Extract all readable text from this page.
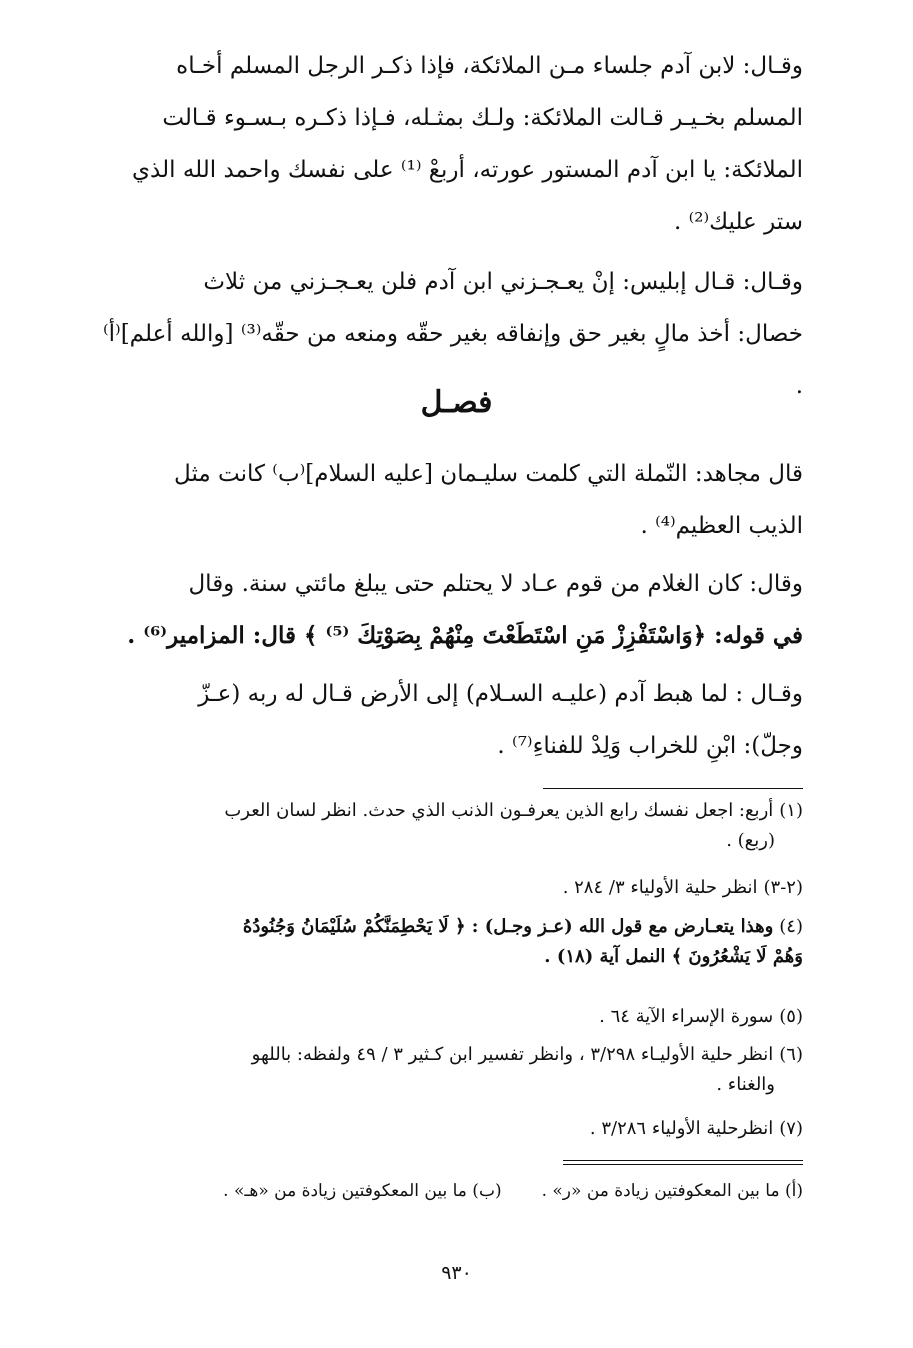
وقـال: لابن آدم جلساء مـن الملائكة، فإذا ذكـر الرجل المسلم أخـاه
المسلم بخـيـر قـالت الملائكة: ولـك بمثـله، فـإذا ذكـره بـسـوء قـالت
الملائكة: يا ابن آدم المستور عورته، أربعْ ⁽¹⁾ على نفسك واحمد الله الذي
ستر عليك⁽²⁾ .

وقـال: قـال إبليس: إنْ يعـجـزني ابن آدم فلن يعـجـزني من ثلاث
خصال: أخذ مالٍ بغير حق وإنفاقه بغير حقّه ومنعه من حقّه⁽³⁾ [والله أعلم]⁽أ⁾ .

فصـل

قال مجاهد: النّملة التي كلمت سليـمان [عليه السلام]⁽ب⁾ كانت مثل
الذيب العظيم⁽⁴⁾ .

وقال: كان الغلام من قوم عـاد لا يحتلم حتى يبلغ مائتي سنة. وقال
في قوله: ﴿وَاسْتَفْزِزْ مَنِ اسْتَطَعْتَ مِنْهُمْ بِصَوْتِكَ ⁽⁵⁾ ﴾ قال: المزامير⁽⁶⁾ .

وقـال : لما هبط آدم (عليـه السـلام) إلى الأرض قـال له ربه (عـزّ
وجلّ): ابْنِ للخراب وَلِدْ للفناءِ⁽⁷⁾ .

(١)أربع: اجعل نفسك رابع الذين يعرفـون الذنب الذي حدث. انظر لسان العرب
(ربع) .

(٢-٣)انظر حلية الأولياء ٣/ ٢٨٤ .

(٤)وهذا يتعـارض مع قول الله (عـز وجـل) : ﴿ لَا يَحْطِمَنَّكُمْ سُلَيْمَانُ وَجُنُودُهُ
وَهُمْ لَا يَشْعُرُونَ ﴾ النمل آية (١٨) .

(٥)سورة الإسراء الآية ٦٤ .

(٦)انظر حلية الأوليـاء ٣/٢٩٨ ، وانظر تفسير ابن كـثير ٣ / ٤٩ ولفظه: باللهو
والغناء .

(٧)انظرحلية الأولياء ٣/٢٨٦ .

(أ) ما بين المعكوفتين زيادة من «ر» .(ب) ما بين المعكوفتين زيادة من «هـ» .

٩٣٠
